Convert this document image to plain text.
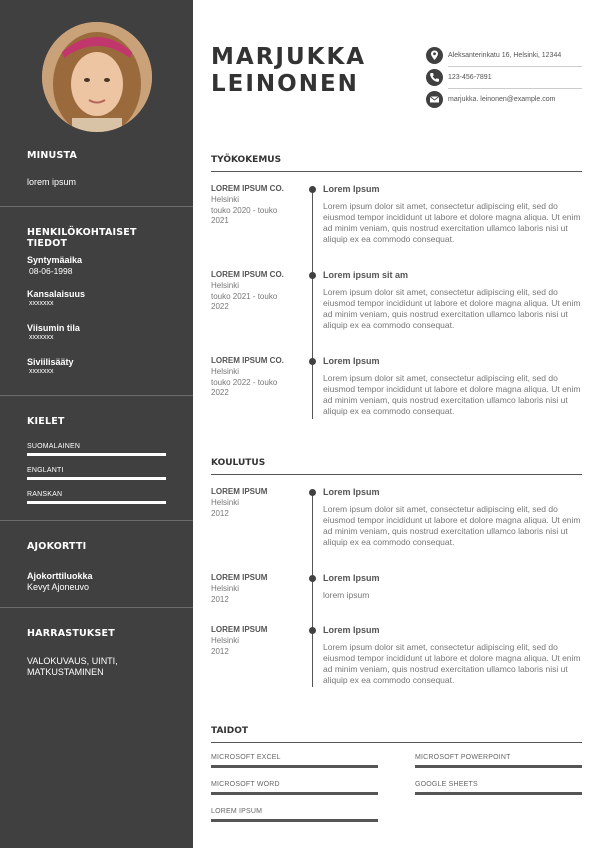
MINUSTA
lorem ipsum
HENKILÖKOHTAISET TIEDOT
Syntymäaika
08-06-1998
Kansalaisuus
xxxxxxx
Viisumin tila
xxxxxxx
Siviilisääty
xxxxxxx
KIELET
SUOMALAINEN
ENGLANTI
RANSKAN
AJOKORTTI
Ajokorttiluokka
Kevyt Ajoneuvo
HARRASTUKSET
VALOKUVAUS, UINTI,
MATKUSTAMINEN
MARJUKKA
LEINONEN
Aleksanterinkatu 16, Helsinki, 12344
123-456-7891
marjukka. leinonen@example.com
TYÖKOKEMUS
LOREM IPSUM CO.
Helsinki
touko 2020 - touko
2021
Lorem Ipsum
Lorem ipsum dolor sit amet, consectetur adipiscing elit, sed do eiusmod tempor incididunt ut labore et dolore magna aliqua. Ut enim ad minim veniam, quis nostrud exercitation ullamco laboris nisi ut aliquip ex ea commodo consequat.
LOREM IPSUM CO.
Helsinki
touko 2021 - touko
2022
Lorem ipsum sit am
Lorem ipsum dolor sit amet, consectetur adipiscing elit, sed do eiusmod tempor incididunt ut labore et dolore magna aliqua. Ut enim ad minim veniam, quis nostrud exercitation ullamco laboris nisi ut aliquip ex ea commodo consequat.
LOREM IPSUM CO.
Helsinki
touko 2022 - touko
2022
Lorem Ipsum
Lorem ipsum dolor sit amet, consectetur adipiscing elit, sed do eiusmod tempor incididunt ut labore et dolore magna aliqua. Ut enim ad minim veniam, quis nostrud exercitation ullamco laboris nisi ut aliquip ex ea commodo consequat.
KOULUTUS
LOREM IPSUM
Helsinki
2012
Lorem Ipsum
Lorem ipsum dolor sit amet, consectetur adipiscing elit, sed do eiusmod tempor incididunt ut labore et dolore magna aliqua. Ut enim ad minim veniam, quis nostrud exercitation ullamco laboris nisi ut aliquip ex ea commodo consequat.
LOREM IPSUM
Helsinki
2012
Lorem Ipsum
lorem ipsum
LOREM IPSUM
Helsinki
2012
Lorem Ipsum
Lorem ipsum dolor sit amet, consectetur adipiscing elit, sed do eiusmod tempor incididunt ut labore et dolore magna aliqua. Ut enim ad minim veniam, quis nostrud exercitation ullamco laboris nisi ut aliquip ex ea commodo consequat.
TAIDOT
MICROSOFT EXCEL	MICROSOFT POWERPOINT
MICROSOFT WORD	GOOGLE SHEETS
LOREM IPSUM
